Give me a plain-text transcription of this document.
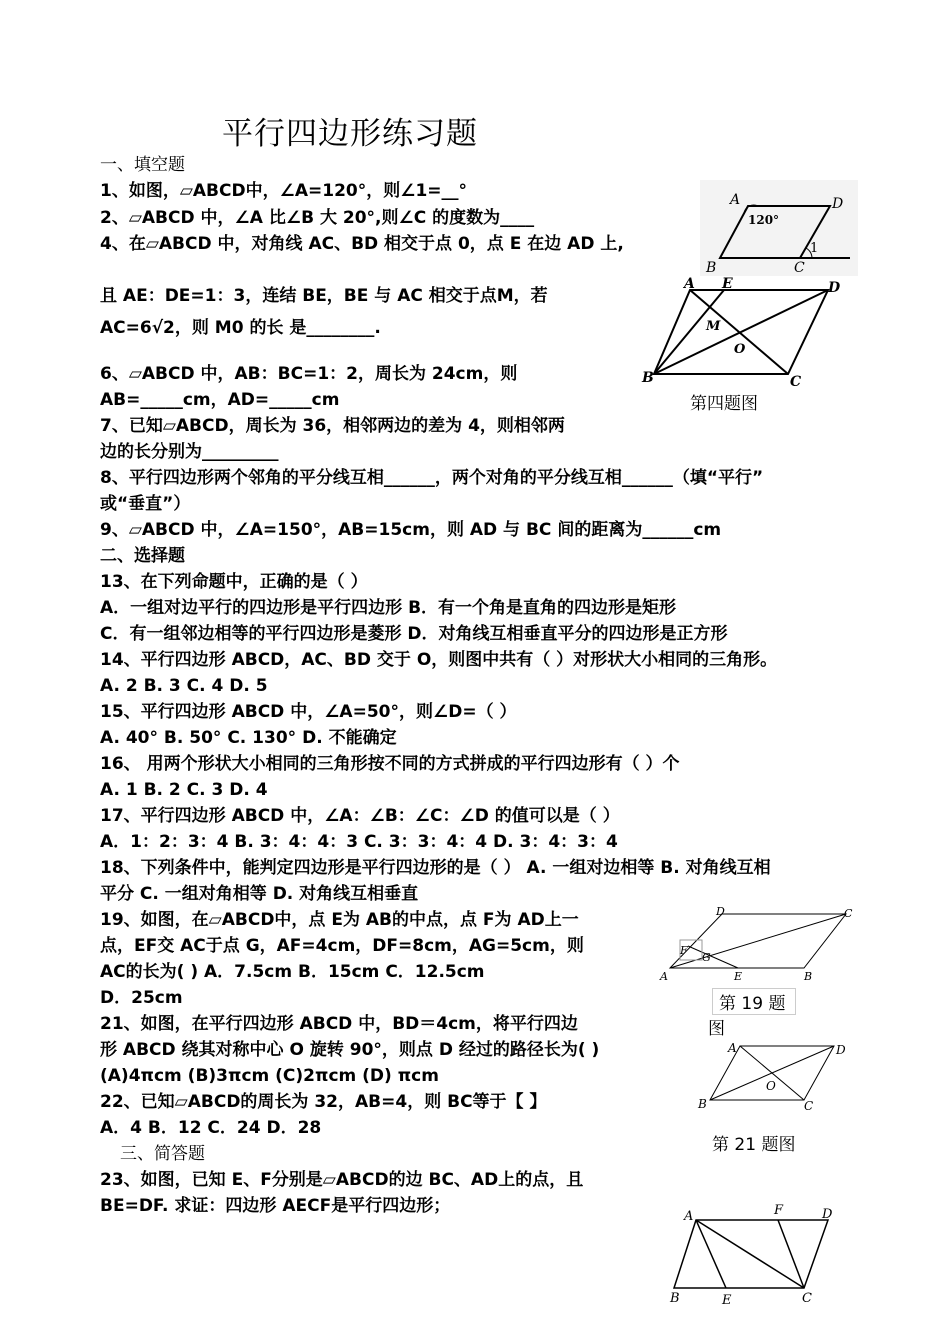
平行四边形练习题
一、填空题
1、如图，▱ABCD中，∠A=120°，则∠1=__°
2、▱ABCD 中，∠A 比∠B 大 20°,则∠C 的度数为____
4、在▱ABCD 中，对角线 AC、BD 相交于点 0，点 E 在边 AD 上,
且 AE：DE=1：3，连结 BE，BE 与 AC 相交于点M，若
AC=6√2，则 M0 的长 是________.
6、▱ABCD 中，AB：BC=1：2，周长为 24cm，则
AB=_____cm，AD=_____cm
7、已知▱ABCD，周长为 36，相邻两边的差为 4，则相邻两
边的长分别为_________
8、平行四边形两个邻角的平分线互相______，两个对角的平分线互相______（填“平行”
或“垂直”）
9、▱ABCD 中，∠A=150°，AB=15cm，则 AD 与 BC 间的距离为______cm
二、选择题
13、在下列命题中，正确的是（ ）
A．一组对边平行的四边形是平行四边形 B．有一个角是直角的四边形是矩形
C．有一组邻边相等的平行四边形是菱形 D．对角线互相垂直平分的四边形是正方形
14、平行四边形 ABCD，AC、BD 交于 O，则图中共有（ ）对形状大小相同的三角形。
A. 2 B. 3 C. 4 D. 5
15、平行四边形 ABCD 中，∠A=50°，则∠D=（ ）
A. 40° B. 50° C. 130° D. 不能确定
16、 用两个形状大小相同的三角形按不同的方式拼成的平行四边形有（ ）个
A. 1 B. 2 C. 3 D. 4
17、平行四边形 ABCD 中，∠A：∠B：∠C：∠D 的值可以是（ ）
A．1：2：3：4 B. 3：4：4：3 C. 3：3：4：4 D. 3：4：3：4
18、下列条件中，能判定四边形是平行四边形的是（ ） A. 一组对边相等 B. 对角线互相
平分 C. 一组对角相等 D. 对角线互相垂直
19、如图，在▱ABCD中，点 E为 AB的中点，点 F为 AD上一
点，EF交 AC于点 G，AF=4cm，DF=8cm，AG=5cm，则
AC的长为( ) A．7.5cm B．15cm C．12.5cm
D．25cm
21、如图，在平行四边形 ABCD 中，BD＝4cm，将平行四边
形 ABCD 绕其对称中心 O 旋转 90°，则点 D 经过的路径长为( )
(A)4πcm (B)3πcm (C)2πcm (D) πcm
22、已知▱ABCD的周长为 32，AB=4，则 BC等于【 】
A．4 B．12 C．24 D．28
三、简答题
23、如图，已知 E、F分别是▱ABCD的边 BC、AD上的点，且
BE=DF. 求证：四边形 AECF是平行四边形；
A	D
B	C
120°
1
A E	D
B	C
M
O
第四题图
D	C
A	B
E
F
G
第 19 题
图
A	D
B	C
O
第 21 题图
A	F	D
B	E	C
